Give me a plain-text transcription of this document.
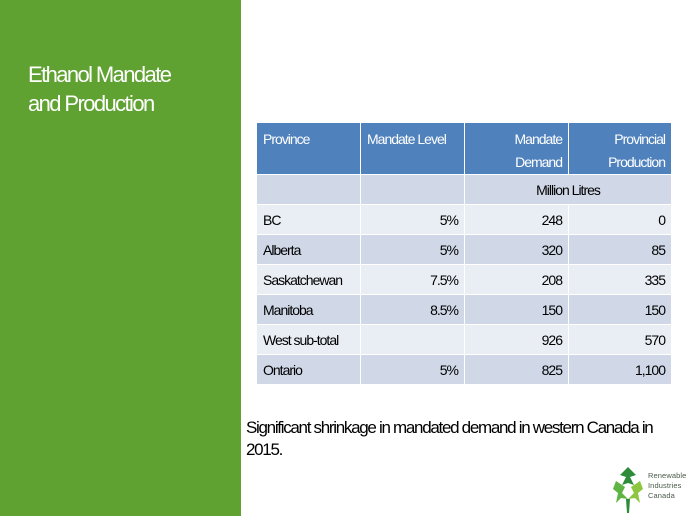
Ethanol Mandate
and Production
Province	Mandate Level	Mandate Demand	Provincial Production
		Million Litres	
BC	5%	248	0
Alberta	5%	320	85
Saskatchewan	7.5%	208	335
Manitoba	8.5%	150	150
West sub-total		926	570
Ontario	5%	825	1,100
Significant shrinkage in mandated demand in western Canada in 2015.
Renewable
Industries
Canada
